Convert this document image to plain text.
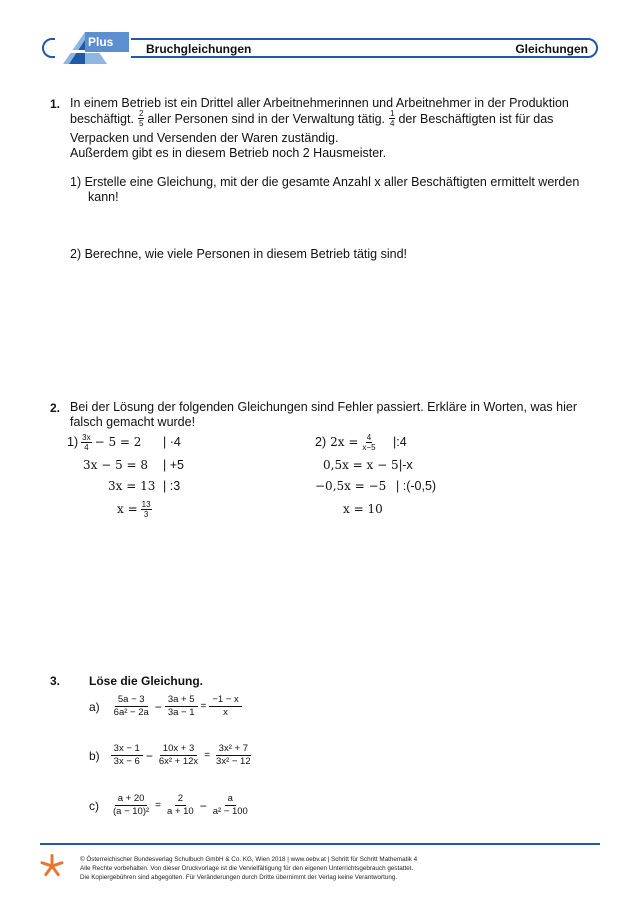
Plus	Bruchgleichungen	Gleichungen
1. In einem Betrieb ist ein Drittel aller Arbeitnehmerinnen und Arbeitnehmer in der Produktion
beschäftigt. $\frac{2}{5}$ aller Personen sind in der Verwaltung tätig. $\frac{1}{4}$ der Beschäftigten ist für das
Verpacken und Versenden der Waren zuständig.
Außerdem gibt es in diesem Betrieb noch 2 Hausmeister.
1) Erstelle eine Gleichung, mit der die gesamte Anzahl x aller Beschäftigten ermittelt werden
kann!
2) Berechne, wie viele Personen in diesem Betrieb tätig sind!
2. Bei der Lösung der folgenden Gleichungen sind Fehler passiert. Erkläre in Worten, was hier
falsch gemacht wurde!
$1) \frac{3x}{4} - 5 = 2$ | ·4
3x − 5 = 8 | +5
3x = 13 | :3
$x = \frac{13}{3}$
2) $2x = \frac{4}{x-5}$ |:4
0,5x = x − 5 |-x
−0,5x = −5 | :(-0,5)
x = 10
3. Löse die Gleichung.
$a) \frac{5a - 3}{\text{6a² − 2a}} - \frac{3a + 5}{3a - 1} = \frac{-1 - x}{x}$
$b) \frac{3x - 1}{3x - 6} - \frac{10x + 3}{\text{6x² + 12x}} = \frac{\text{3x² + 7}}{\text{3x² − 12}}$
$c) \frac{a + 20}{\text{(a − 10)²}} = \frac{2}{a + 10} - \frac{a}{\text{a² − 100}}$
© Österreichischer Bundesverlag Schulbuch GmbH & Co. KG, Wien 2018 | www.oebv.at | Schritt für Schritt Mathematik 4
Alle Rechte vorbehalten. Von dieser Druckvorlage ist die Vervielfältigung für den eigenen Unterrichtsgebrauch gestattet.
Die Kopiergebühren sind abgegolten. Für Veränderungen durch Dritte übernimmt der Verlag keine Verantwortung.
